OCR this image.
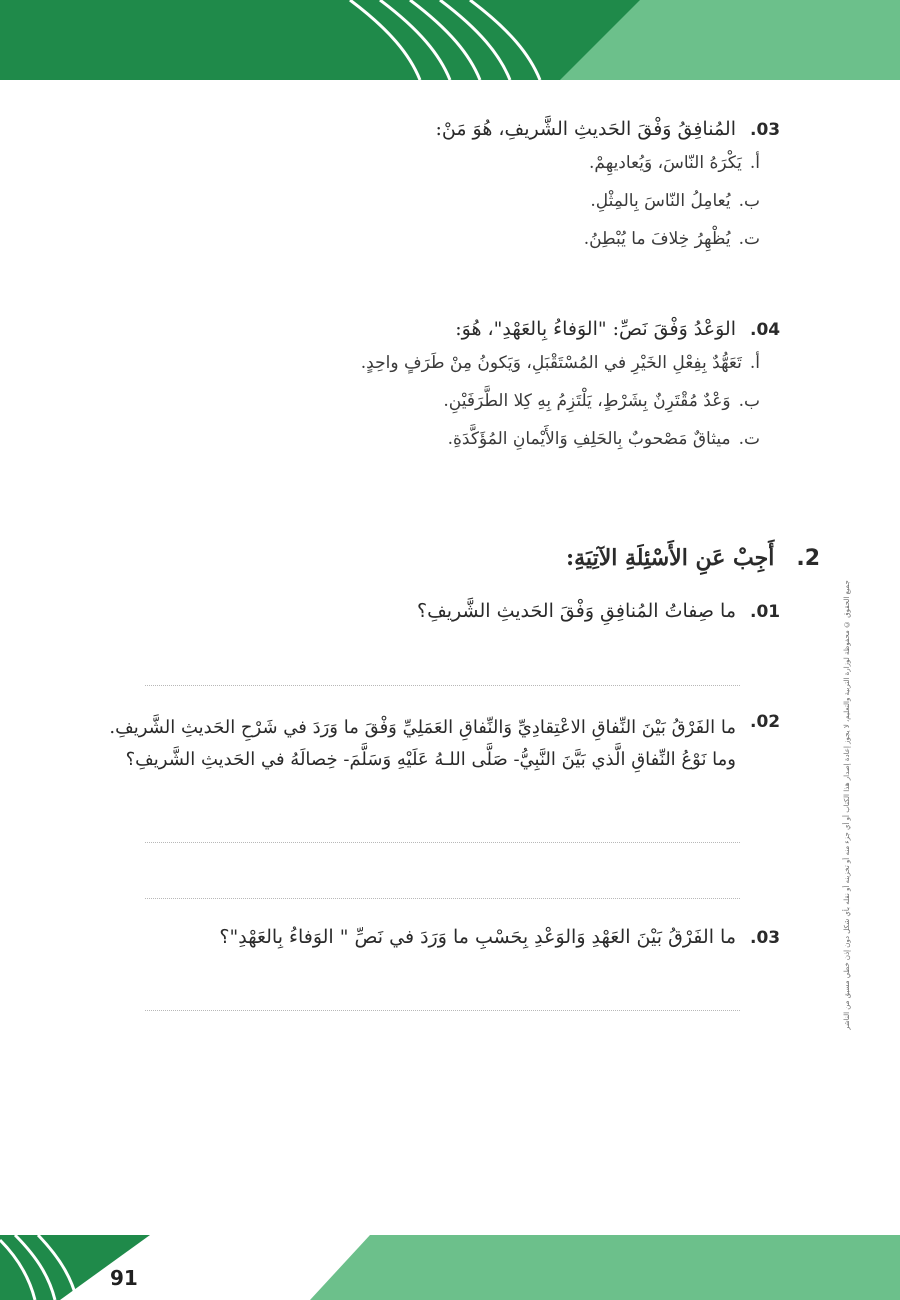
جميع الحقوق © محفوظة لوزارة التربية والتعليم، لا يجوز إعادة إصدار هذا الكتاب أو أي جزء منه أو تخزينه أو نقله بأي شكل دون إذن خطي مسبق من الناشر
.03
المُنافِقُ وَفْقَ الحَديثِ الشَّريفِ، هُوَ مَنْ:
أ.يَكْرَهُ النّاسَ، وَيُعاديهِمْ.
ب.يُعامِلُ النّاسَ بِالمِثْلِ.
ت.يُظْهِرُ خِلافَ ما يُبْطِنُ.
.04
الوَعْدُ وَفْقَ نَصِّ: "الوَفاءُ بِالعَهْدِ"، هُوَ:
أ.تَعَهُّدٌ بِفِعْلِ الخَيْرِ في المُسْتَقْبَلِ، وَيَكونُ مِنْ طَرَفٍ واحِدٍ.
ب.وَعْدٌ مُقْتَرِنٌ بِشَرْطٍ، يَلْتَزِمُ بِهِ كِلا الطَّرَفَيْنِ.
ت.ميثاقٌ مَصْحوبٌ بِالحَلِفِ وَالأَيْمانِ المُؤَكَّدَةِ.
2.
أَجِبْ عَنِ الأَسْئِلَةِ الآتِيَةِ:
.01
ما صِفاتُ المُنافِقِ وَفْقَ الحَديثِ الشَّريفِ؟
.02
ما الفَرْقُ بَيْنَ النِّفاقِ الاعْتِقادِيِّ وَالنِّفاقِ العَمَلِيِّ وَفْقَ ما وَرَدَ في شَرْحِ الحَديثِ الشَّريفِ.
وما نَوْعُ النِّفاقِ الَّذي بَيَّنَ النَّبِيُّ- صَلَّى اللـهُ عَلَيْهِ وَسَلَّمَ- خِصالَهُ في الحَديثِ الشَّريفِ؟
.03
ما الفَرْقُ بَيْنَ العَهْدِ وَالوَعْدِ بِحَسْبِ ما وَرَدَ في نَصِّ " الوَفاءُ بِالعَهْدِ"؟
91
